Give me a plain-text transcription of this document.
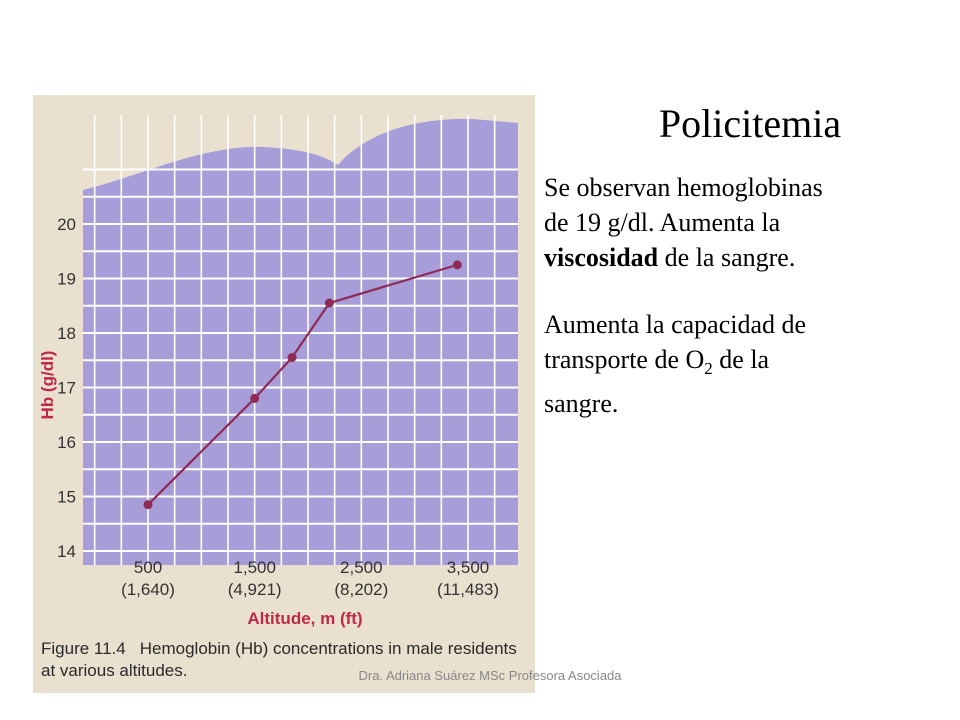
14
15
16
17
18
19
20
500
(1,640)
1,500
(4,921)
2,500
(8,202)
3,500
(11,483)
Hb (g/dl)
Altitude, m (ft)
Figure 11.4 Hemoglobin (Hb) concentrations in male residents at various altitudes.
Policitemia

Se observan hemoglobinas
de 19 g/dl. Aumenta la
viscosidad de la sangre.

Aumenta la capacidad de
transporte de $O_2$ de la
sangre.

Dra. Adriana Suárez MSc Profesora Asociada
